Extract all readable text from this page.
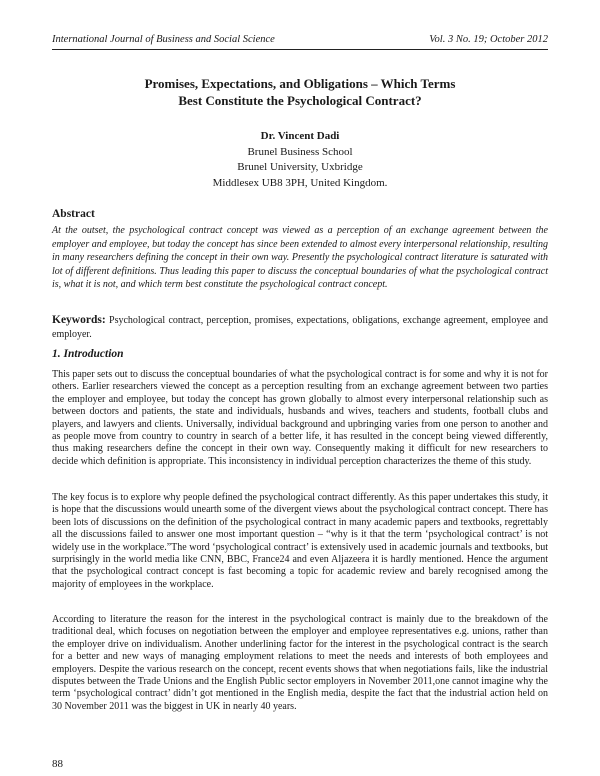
International Journal of Business and Social Science	Vol. 3 No. 19; October 2012
Promises, Expectations, and Obligations – Which Terms
Best Constitute the Psychological Contract?
Dr. Vincent Dadi
Brunel Business School
Brunel University, Uxbridge
Middlesex UB8 3PH, United Kingdom.
Abstract

At the outset, the psychological contract concept was viewed as a perception of an exchange agreement between the employer and employee, but today the concept has since been extended to almost every interpersonal relationship, resulting in many researchers defining the concept in their own way. Presently the psychological contract literature is saturated with lot of different definitions. Thus leading this paper to discuss the conceptual boundaries of what the psychological contract is, what it is not, and which term best constitute the psychological contract concept.

Keywords: Psychological contract, perception, promises, expectations, obligations, exchange agreement, employee and employer.

1. Introduction

This paper sets out to discuss the conceptual boundaries of what the psychological contract is for some and why it is not for others. Earlier researchers viewed the concept as a perception resulting from an exchange agreement between two parties the employer and employee, but today the concept has grown globally to almost every interpersonal relationship such as between doctors and patients, the state and individuals, husbands and wives, teachers and students, football clubs and players, and lawyers and clients. Universally, individual background and upbringing varies from one person to another and as people move from country to country in search of a better life, it has resulted in the concept being viewed differently, thus making researchers define the concept in their own way. Consequently making it difficult for new researchers to decide which definition is appropriate. This inconsistency in individual perception characterizes the theme of this study.

The key focus is to explore why people defined the psychological contract differently. As this paper undertakes this study, it is hope that the discussions would unearth some of the divergent views about the psychological contract concept. There has been lots of discussions on the definition of the psychological contract in many academic papers and textbooks, regrettably all the discussions failed to answer one most important question – “why is it that the term ‘psychological contract’ is not widely use in the workplace.”The word ‘psychological contract’ is extensively used in academic journals and textbooks, but surprisingly in the world media like CNN, BBC, France24 and even Aljazeera it is hardly mentioned. Hence the argument that the psychological contract concept is fast becoming a topic for academic review and barely recognised among the majority of employees in the workplace.

According to literature the reason for the interest in the psychological contract is mainly due to the breakdown of the traditional deal, which focuses on negotiation between the employer and employee representatives e.g. unions, rather than the employer drive on individualism. Another underlining factor for the interest in the psychological contract is the search for a better and new ways of managing employment relations to meet the needs and interests of both employees and employers. Despite the various research on the concept, recent events shows that when negotiations fails, like the industrial disputes between the Trade Unions and the English Public sector employers in November 2011,one cannot imagine why the term ‘psychological contract’ didn’t got mentioned in the English media, despite the fact that the industrial action held on 30 November 2011 was the biggest in UK in nearly 40 years.

88
